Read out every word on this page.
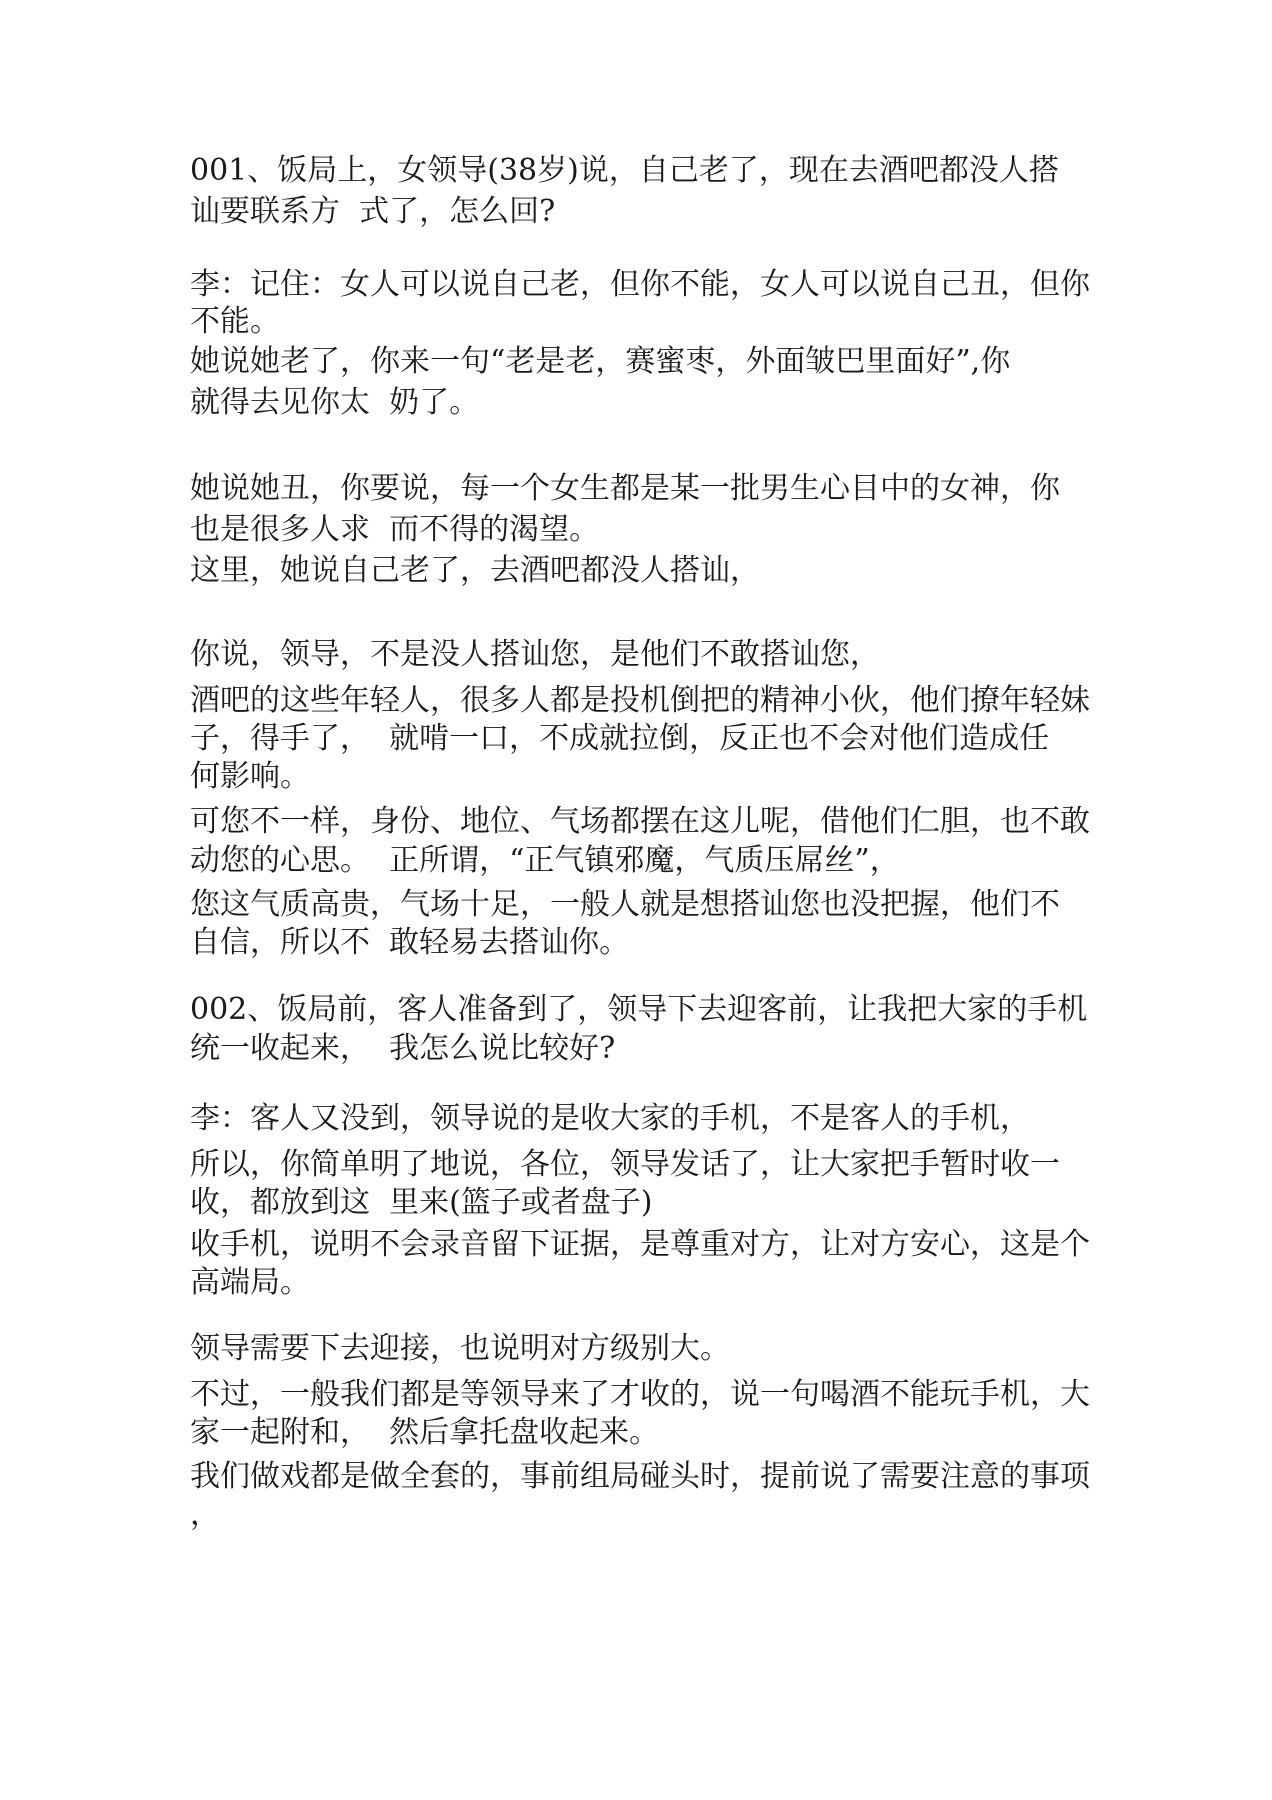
001、饭局上，女领导(38岁)说，自己老了，现在去酒吧都没人搭

讪要联系方  式了，怎么回?

李：记住：女人可以说自己老，但你不能，女人可以说自己丑，但你

不能。

她说她老了，你来一句“老是老，赛蜜枣，外面皱巴里面好”,你

就得去见你太  奶了。

她说她丑，你要说，每一个女生都是某一批男生心目中的女神，你

也是很多人求  而不得的渴望。

这里，她说自己老了，去酒吧都没人搭讪，

你说，领导，不是没人搭讪您，是他们不敢搭讪您，

酒吧的这些年轻人，很多人都是投机倒把的精神小伙，他们撩年轻妹

子，得手了，  就啃一口，不成就拉倒，反正也不会对他们造成任

何影响。

可您不一样，身份、地位、气场都摆在这儿呢，借他们仁胆，也不敢

动您的心思。  正所谓，“正气镇邪魔，气质压屌丝”，

您这气质高贵，气场十足，一般人就是想搭讪您也没把握，他们不

自信，所以不  敢轻易去搭讪你。

002、饭局前，客人准备到了，领导下去迎客前，让我把大家的手机

统一收起来，  我怎么说比较好?

李：客人又没到，领导说的是收大家的手机，不是客人的手机，

所以，你简单明了地说，各位，领导发话了，让大家把手暂时收一

收，都放到这  里来(篮子或者盘子)

收手机，说明不会录音留下证据，是尊重对方，让对方安心，这是个

高端局。

领导需要下去迎接，也说明对方级别大。

不过，一般我们都是等领导来了才收的，说一句喝酒不能玩手机，大

家一起附和，  然后拿托盘收起来。

我们做戏都是做全套的，事前组局碰头时，提前说了需要注意的事项

，
